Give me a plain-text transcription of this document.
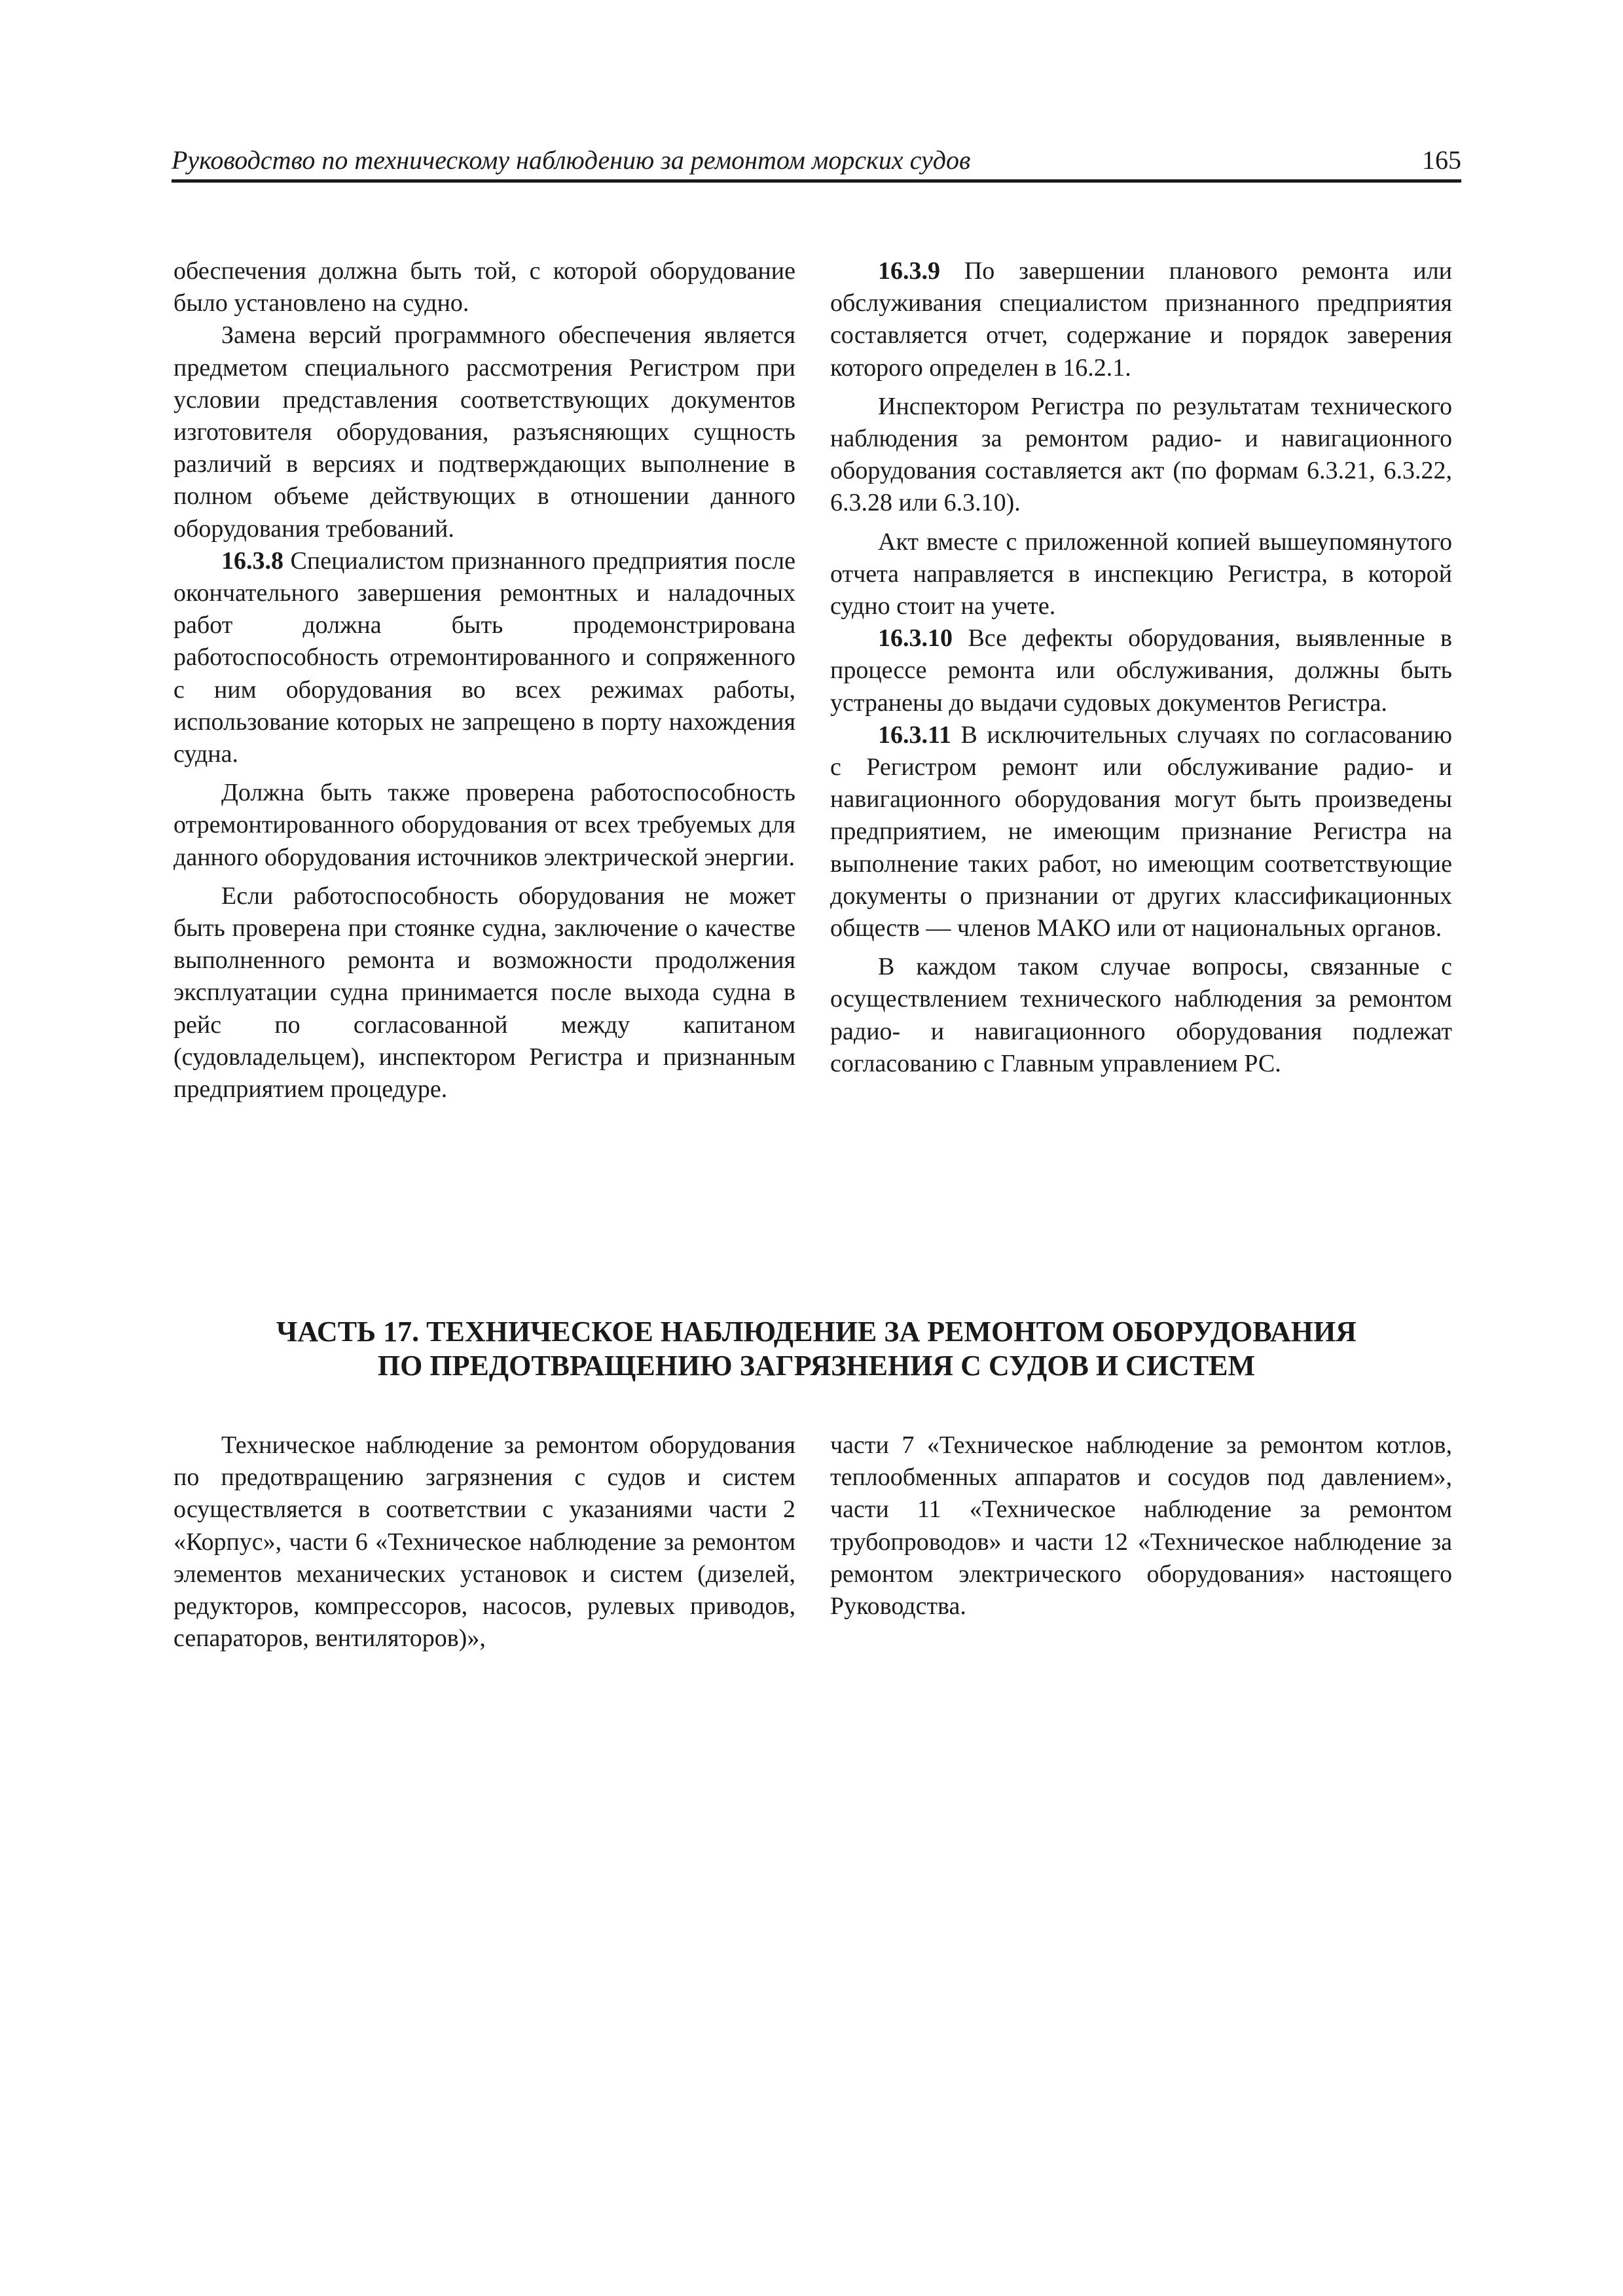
Руководство по техническому наблюдению за ремонтом морских судов	165

обеспечения должна быть той, с которой оборудование было установлено на судно.

Замена версий программного обеспечения является предметом специального рассмотрения Регистром при условии представления соответствующих документов изготовителя оборудования, разъясняющих сущность различий в версиях и подтверждающих выполнение в полном объеме действующих в отношении данного оборудования требований.

16.3.8 Специалистом признанного предприятия после окончательного завершения ремонтных и наладочных работ должна быть продемонстрирована работоспособность отремонтированного и сопряженного с ним оборудования во всех режимах работы, использование которых не запрещено в порту нахождения судна.

Должна быть также проверена работоспособность отремонтированного оборудования от всех требуемых для данного оборудования источников электрической энергии.

Если работоспособность оборудования не может быть проверена при стоянке судна, заключение о качестве выполненного ремонта и возможности продолжения эксплуатации судна принимается после выхода судна в рейс по согласованной между капитаном (судовладельцем), инспектором Регистра и признанным предприятием процедуре.

16.3.9 По завершении планового ремонта или обслуживания специалистом признанного предприятия составляется отчет, содержание и порядок заверения которого определен в 16.2.1.

Инспектором Регистра по результатам технического наблюдения за ремонтом радио- и навигационного оборудования составляется акт (по формам 6.3.21, 6.3.22, 6.3.28 или 6.3.10).

Акт вместе с приложенной копией вышеупомянутого отчета направляется в инспекцию Регистра, в которой судно стоит на учете.

16.3.10 Все дефекты оборудования, выявленные в процессе ремонта или обслуживания, должны быть устранены до выдачи судовых документов Регистра.

16.3.11 В исключительных случаях по согласованию с Регистром ремонт или обслуживание радио- и навигационного оборудования могут быть произведены предприятием, не имеющим признание Регистра на выполнение таких работ, но имеющим соответствующие документы о признании от других классификационных обществ — членов МАКО или от национальных органов.

В каждом таком случае вопросы, связанные с осуществлением технического наблюдения за ремонтом радио- и навигационного оборудования подлежат согласованию с Главным управлением РС.

ЧАСТЬ 17. ТЕХНИЧЕСКОЕ НАБЛЮДЕНИЕ ЗА РЕМОНТОМ ОБОРУДОВАНИЯ
ПО ПРЕДОТВРАЩЕНИЮ ЗАГРЯЗНЕНИЯ С СУДОВ И СИСТЕМ

Техническое наблюдение за ремонтом оборудования по предотвращению загрязнения с судов и систем осуществляется в соответствии с указаниями части 2 «Корпус», части 6 «Техническое наблюдение за ремонтом элементов механических установок и систем (дизелей, редукторов, компрессоров, насосов, рулевых приводов, сепараторов, вентиляторов)»,

части 7 «Техническое наблюдение за ремонтом котлов, теплообменных аппаратов и сосудов под давлением», части 11 «Техническое наблюдение за ремонтом трубопроводов» и части 12 «Техническое наблюдение за ремонтом электрического оборудования» настоящего Руководства.
